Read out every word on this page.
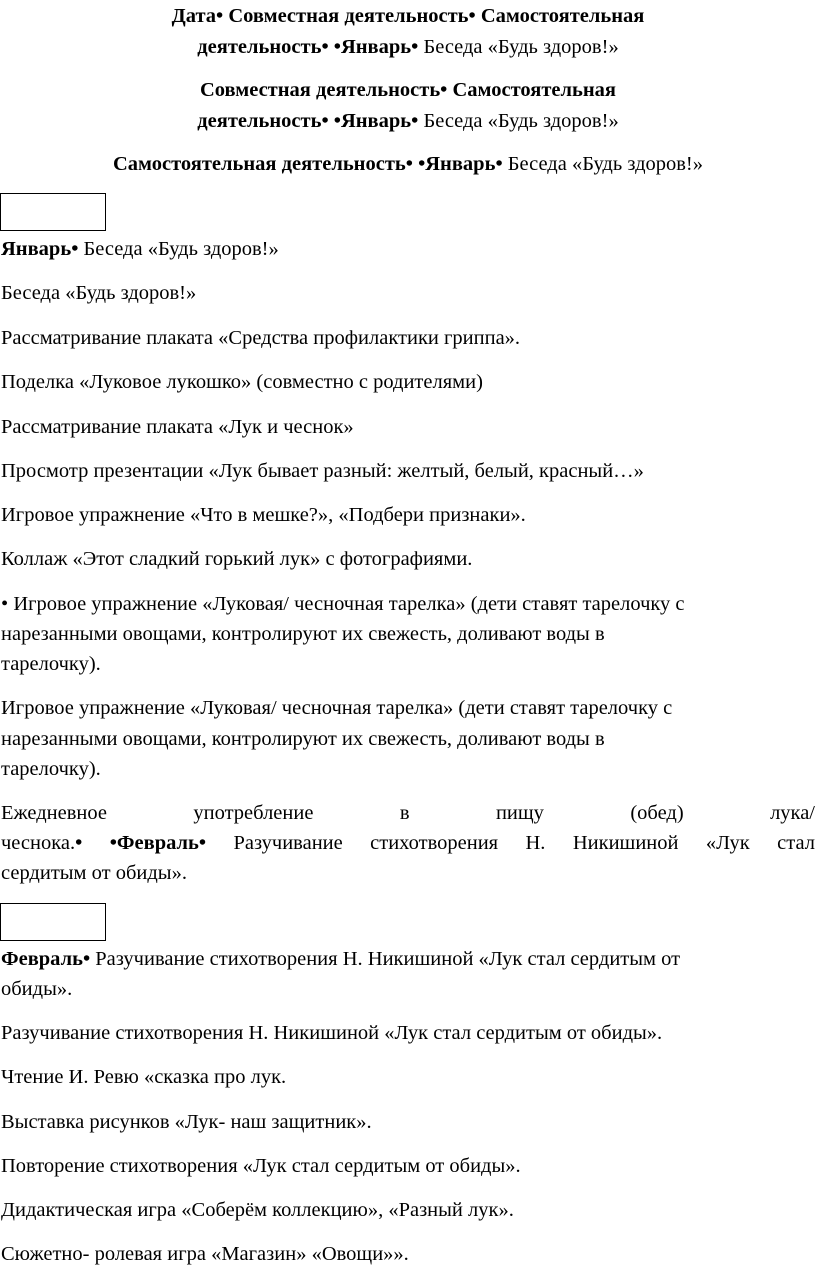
Дата• Совместная деятельность• Самостоятельная
деятельность• •Январь• Беседа «Будь здоров!»
Совместная деятельность• Самостоятельная
деятельность• •Январь• Беседа «Будь здоров!»
Самостоятельная деятельность• •Январь• Беседа «Будь здоров!»
Январь• Беседа «Будь здоров!»
Беседа «Будь здоров!»
Рассматривание плаката «Средства профилактики гриппа».
Поделка «Луковое лукошко» (совместно с родителями)
Рассматривание плаката «Лук и чеснок»
Просмотр презентации «Лук бывает разный: желтый, белый, красный…»
Игровое упражнение «Что в мешке?», «Подбери признаки».
Коллаж «Этот сладкий горький лук» с фотографиями.
• Игровое упражнение «Луковая/ чесночная тарелка» (дети ставят тарелочку с
нарезанными овощами, контролируют их свежесть, доливают воды в
тарелочку).
Игровое упражнение «Луковая/ чесночная тарелка» (дети ставят тарелочку с
нарезанными овощами, контролируют их свежесть, доливают воды в
тарелочку).
Ежедневное употребление в пищу (обед) лука/
чеснока.• •Февраль• Разучивание стихотворения Н. Никишиной «Лук стал
сердитым от обиды».
Февраль• Разучивание стихотворения Н. Никишиной «Лук стал сердитым от
обиды».
Разучивание стихотворения Н. Никишиной «Лук стал сердитым от обиды».
Чтение И. Ревю «сказка про лук.
Выставка рисунков «Лук- наш защитник».
Повторение стихотворения «Лук стал сердитым от обиды».
Дидактическая игра «Соберём коллекцию», «Разный лук».
Сюжетно- ролевая игра «Магазин» «Овощи»».
